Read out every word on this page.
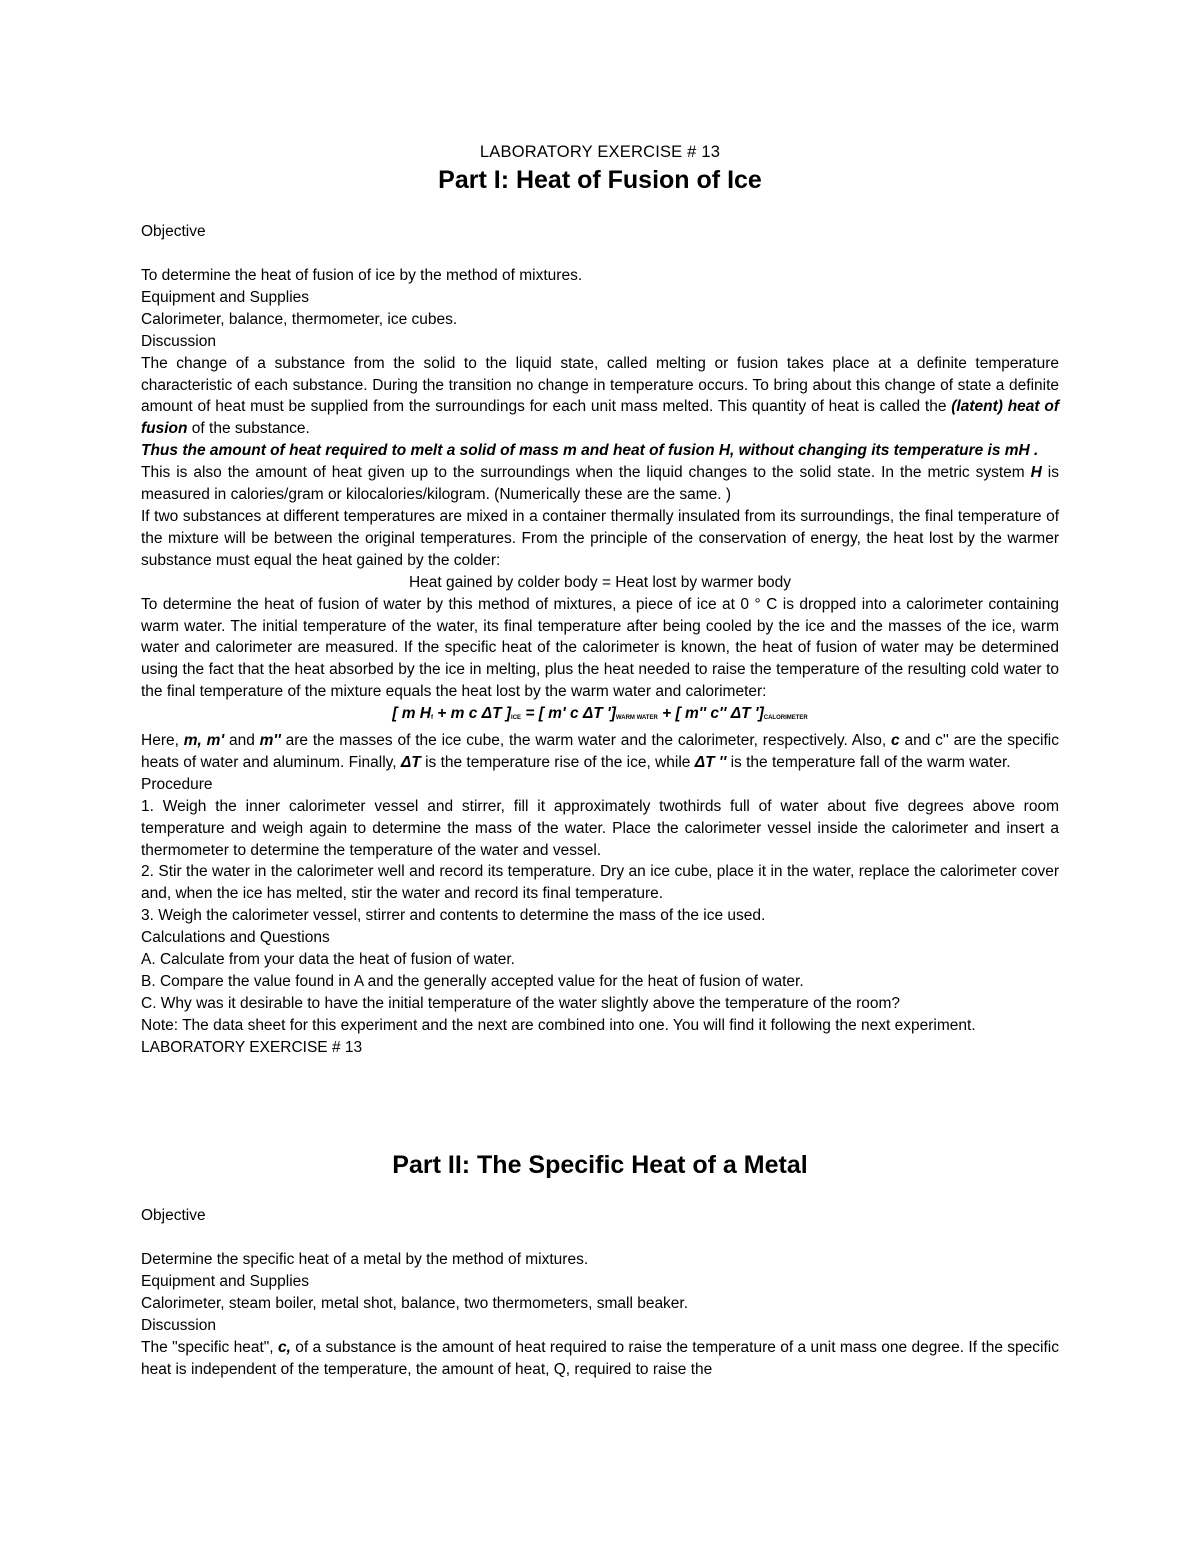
LABORATORY EXERCISE # 13
Part I: Heat of Fusion of Ice
Objective

To determine the heat of fusion of ice by the method of mixtures.

Equipment and Supplies

Calorimeter, balance, thermometer, ice cubes.

Discussion

The change of a substance from the solid to the liquid state, called melting or fusion takes place at a definite temperature characteristic of each substance. During the transition no change in temperature occurs. To bring about this change of state a definite amount of heat must be supplied from the surroundings for each unit mass melted. This quantity of heat is called the (latent) heat of fusion of the substance.

Thus the amount of heat required to melt a solid of mass m and heat of fusion H, without changing its temperature is mH .

This is also the amount of heat given up to the surroundings when the liquid changes to the solid state. In the metric system H is measured in calories/gram or kilocalories/kilogram. (Numerically these are the same. )

If two substances at different temperatures are mixed in a container thermally insulated from its surroundings, the final temperature of the mixture will be between the original temperatures. From the principle of the conservation of energy, the heat lost by the warmer substance must equal the heat gained by the colder:

Heat gained by colder body = Heat lost by warmer body

To determine the heat of fusion of water by this method of mixtures, a piece of ice at 0 ° C is dropped into a calorimeter containing warm water. The initial temperature of the water, its final temperature after being cooled by the ice and the masses of the ice, warm water and calorimeter are measured. If the specific heat of the calorimeter is known, the heat of fusion of water may be determined using the fact that the heat absorbed by the ice in melting, plus the heat needed to raise the temperature of the resulting cold water to the final temperature of the mixture equals the heat lost by the warm water and calorimeter:

[ m $H_f + m$ c ΔT ]$_{ICE}$ = [ m' c ΔT ']$_{WARM WATER}$ + [ m'' c'' ΔT ']$_{CALORIMETER}$

Here, m, m' and m'' are the masses of the ice cube, the warm water and the calorimeter, respectively. Also, c and c'' are the specific heats of water and aluminum. Finally, ΔT is the temperature rise of the ice, while ΔT '' is the temperature fall of the warm water.

Procedure

1. Weigh the inner calorimeter vessel and stirrer, fill it approximately twothirds full of water about five degrees above room temperature and weigh again to determine the mass of the water. Place the calorimeter vessel inside the calorimeter and insert a thermometer to determine the temperature of the water and vessel.

2. Stir the water in the calorimeter well and record its temperature. Dry an ice cube, place it in the water, replace the calorimeter cover and, when the ice has melted, stir the water and record its final temperature.

3. Weigh the calorimeter vessel, stirrer and contents to determine the mass of the ice used.

Calculations and Questions

A. Calculate from your data the heat of fusion of water.

B. Compare the value found in A and the generally accepted value for the heat of fusion of water.

C. Why was it desirable to have the initial temperature of the water slightly above the temperature of the room?

Note: The data sheet for this experiment and the next are combined into one. You will find it following the next experiment.

LABORATORY EXERCISE # 13

Part II: The Specific Heat of a Metal
Objective

Determine the specific heat of a metal by the method of mixtures.

Equipment and Supplies

Calorimeter, steam boiler, metal shot, balance, two thermometers, small beaker.

Discussion

The "specific heat", c, of a substance is the amount of heat required to raise the temperature of a unit mass one degree. If the specific heat is independent of the temperature, the amount of heat, Q, required to raise the
